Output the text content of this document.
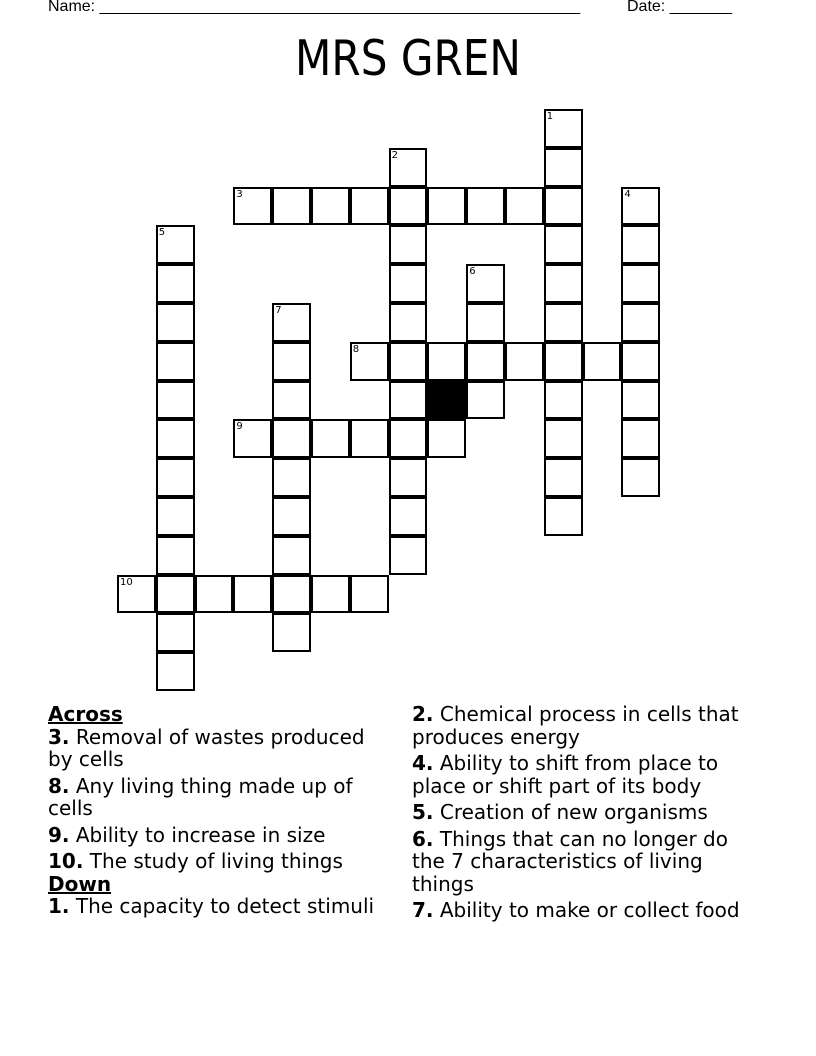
Name: ______________________________________________________	Date: _______
MRS GREN
1
2
3	4
5
6
7
8
9
10
Across
3. Removal of wastes produced by cells
8. Any living thing made up of cells
9. Ability to increase in size
10. The study of living things
Down
1. The capacity to detect stimuli
2. Chemical process in cells that produces energy
4. Ability to shift from place to place or shift part of its body
5. Creation of new organisms
6. Things that can no longer do the 7 characteristics of living things
7. Ability to make or collect food
